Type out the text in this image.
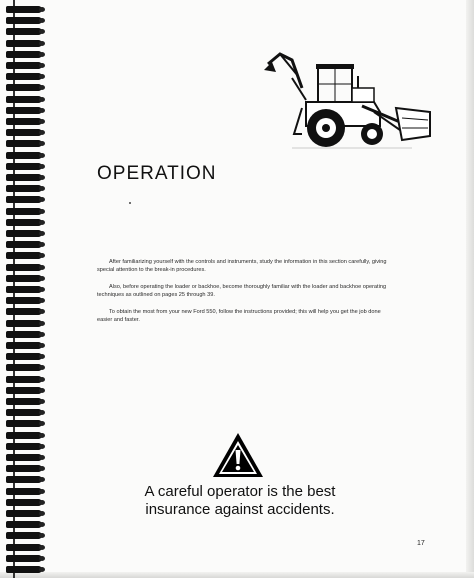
OPERATION

After familiarizing yourself with the controls and instruments, study the information in this section carefully, giving special attention to the break-in procedures.

Also, before operating the loader or backhoe, become thoroughly familiar with the loader and backhoe operating techniques as outlined on pages 25 through 39.

To obtain the most from your new Ford 550, follow the instructions provided; this will help you get the job done easier and faster.

A careful operator is the best
insurance against accidents.
17
